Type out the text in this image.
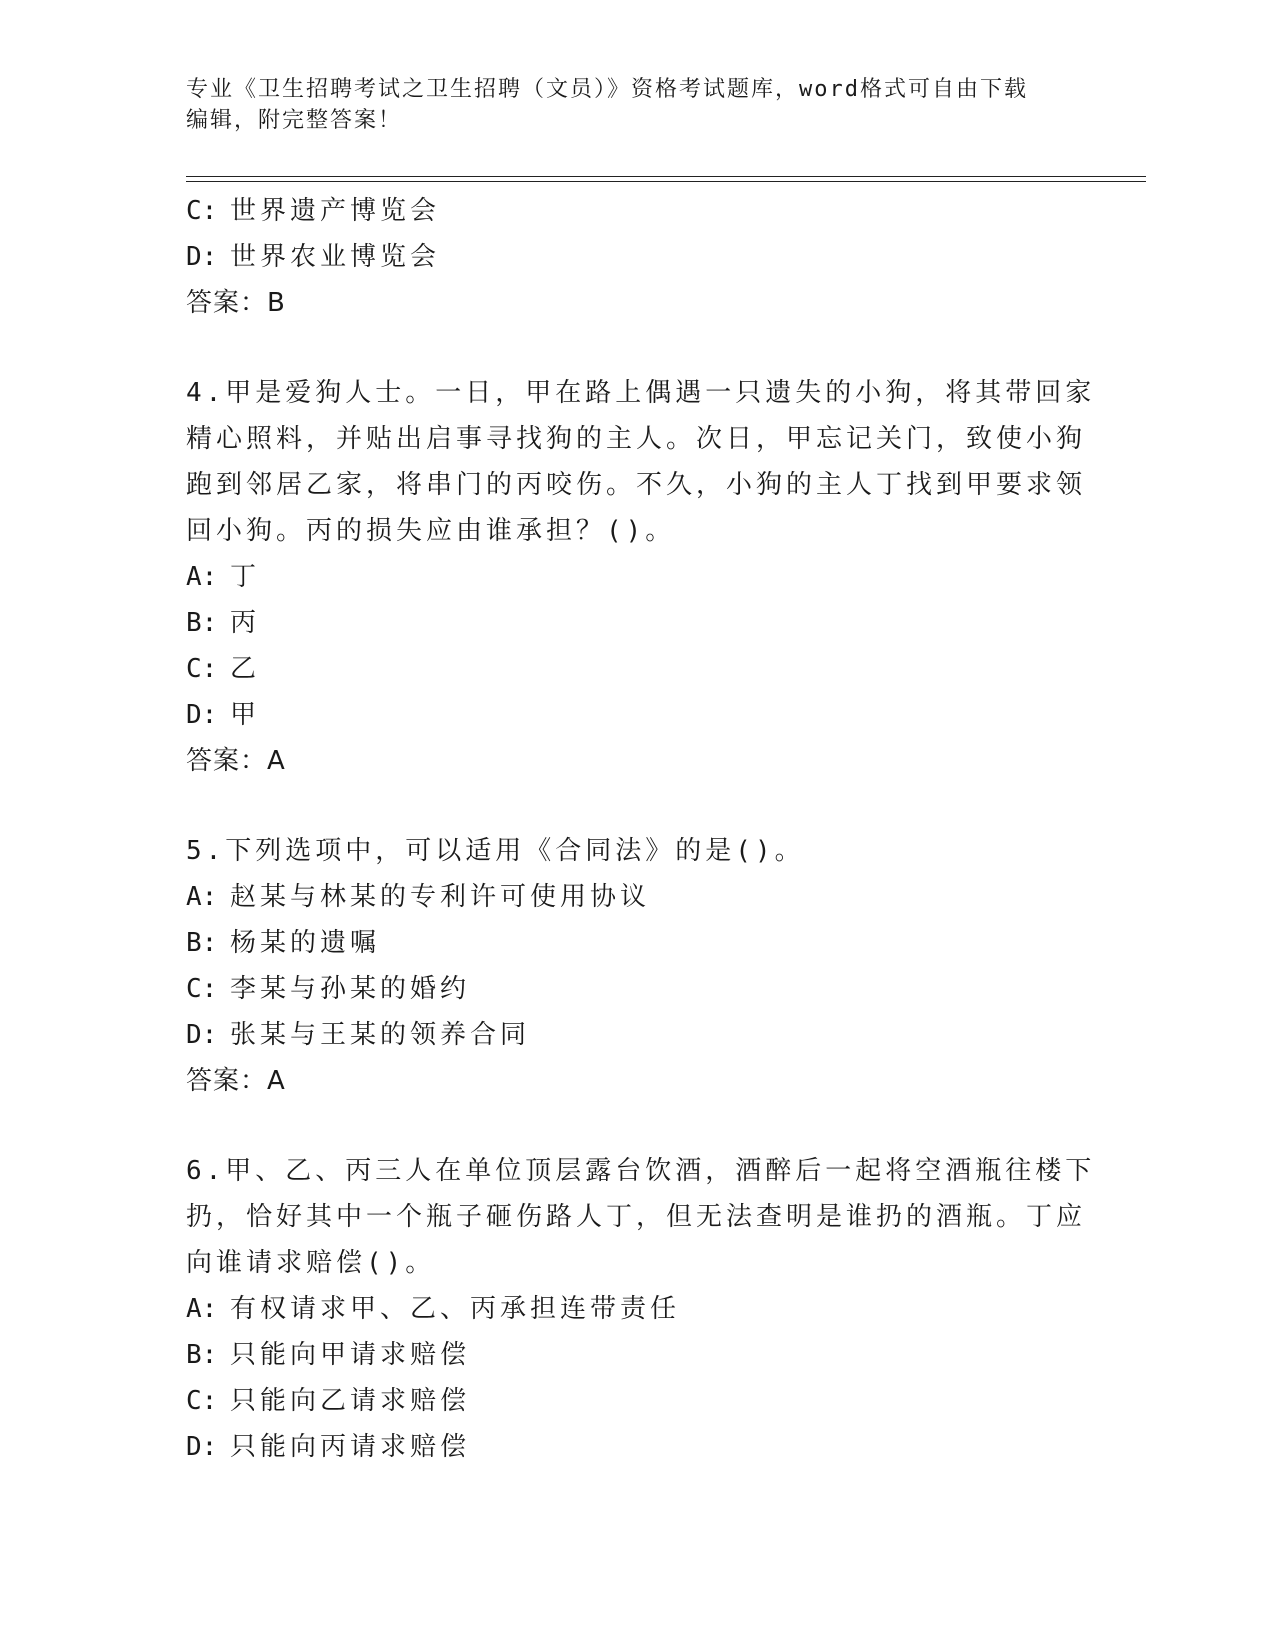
专业《卫生招聘考试之卫生招聘（文员）》资格考试题库，word格式可自由下载
编辑，附完整答案！
C: 世界遗产博览会
D: 世界农业博览会
答案：B
4.甲是爱狗人士。一日，甲在路上偶遇一只遗失的小狗，将其带回家
精心照料，并贴出启事寻找狗的主人。次日，甲忘记关门，致使小狗
跑到邻居乙家，将串门的丙咬伤。不久，小狗的主人丁找到甲要求领
回小狗。丙的损失应由谁承担？()。
A: 丁
B: 丙
C: 乙
D: 甲
答案：A
5.下列选项中，可以适用《合同法》的是()。
A: 赵某与林某的专利许可使用协议
B: 杨某的遗嘱
C: 李某与孙某的婚约
D: 张某与王某的领养合同
答案：A
6.甲、乙、丙三人在单位顶层露台饮酒，酒醉后一起将空酒瓶往楼下
扔，恰好其中一个瓶子砸伤路人丁，但无法查明是谁扔的酒瓶。丁应
向谁请求赔偿()。
A: 有权请求甲、乙、丙承担连带责任
B: 只能向甲请求赔偿
C: 只能向乙请求赔偿
D: 只能向丙请求赔偿
